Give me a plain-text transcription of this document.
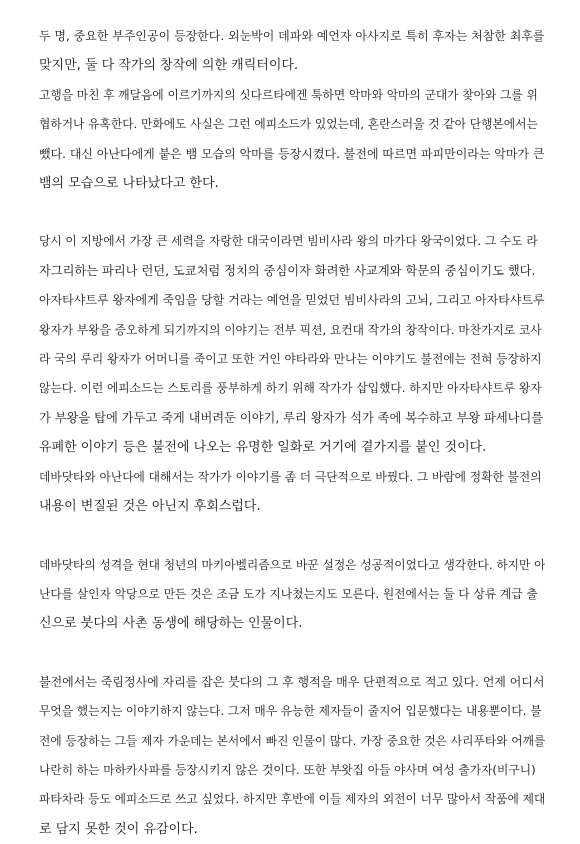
두 명, 중요한 부주인공이 등장한다. 외눈박이 데파와 예언자 아사지로 특히 후자는 처참한 최후를
맞지만, 둘 다 작가의 창작에 의한 캐릭터이다.
고행을 마친 후 깨달음에 이르기까지의 싯다르타에겐 툭하면 악마와 악마의 군대가 찾아와 그를 위
협하거나 유혹한다. 만화에도 사실은 그런 에피소드가 있었는데, 혼란스러울 것 같아 단행본에서는
뺐다. 대신 아난다에게 붙은 뱀 모습의 악마를 등장시켰다. 불전에 따르면 파피만이라는 악마가 큰
뱀의 모습으로 나타났다고 한다.
당시 이 지방에서 가장 큰 세력을 자랑한 대국이라면 빔비사라 왕의 마가다 왕국이었다. 그 수도 라
자그리하는 파리나 런던, 도쿄처럼 정치의 중심이자 화려한 사교계와 학문의 중심이기도 했다.
아자타샤트루 왕자에게 죽임을 당할 거라는 예언을 믿었던 빔비사라의 고뇌, 그리고 아자타샤트루
왕자가 부왕을 증오하게 되기까지의 이야기는 전부 픽션, 요컨대 작가의 창작이다. 마찬가지로 코사
라 국의 루리 왕자가 어머니를 죽이고 또한 거인 야타라와 만나는 이야기도 불전에는 전혀 등장하지
않는다. 이런 에피소드는 스토리를 풍부하게 하기 위해 작가가 삽입했다. 하지만 아자타샤트루 왕자
가 부왕을 탑에 가두고 죽게 내버려둔 이야기, 루리 왕자가 석가 족에 복수하고 부왕 파세나디를
유폐한 이야기 등은 불전에 나오는 유명한 일화로 거기에 곁가지를 붙인 것이다.
데바닷타와 아난다에 대해서는 작가가 이야기를 좀 더 극단적으로 바꿨다. 그 바람에 정확한 불전의
내용이 변질된 것은 아닌지 후회스럽다.
데바닷타의 성격을 현대 청년의 마키아벨리즘으로 바꾼 설정은 성공적이었다고 생각한다. 하지만 아
난다를 살인자 악당으로 만든 것은 조금 도가 지나쳤는지도 모른다. 원전에서는 둘 다 상류 계급 출
신으로 붓다의 사촌 동생에 해당하는 인물이다.
불전에서는 죽림정사에 자리를 잡은 붓다의 그 후 행적을 매우 단편적으로 적고 있다. 언제 어디서
무엇을 했는지는 이야기하지 않는다. 그저 매우 유능한 제자들이 줄지어 입문했다는 내용뿐이다. 불
전에 등장하는 그들 제자 가운데는 본서에서 빠진 인물이 많다. 가장 중요한 것은 사리푸타와 어깨를
나란히 하는 마하카사파를 등장시키지 않은 것이다. 또한 부왓집 아들 야사며 여성 출가자(비구니)
파타차라 등도 에피소드로 쓰고 싶었다. 하지만 후반에 이들 제자의 외전이 너무 많아서 작품에 제대
로 담지 못한 것이 유감이다.
